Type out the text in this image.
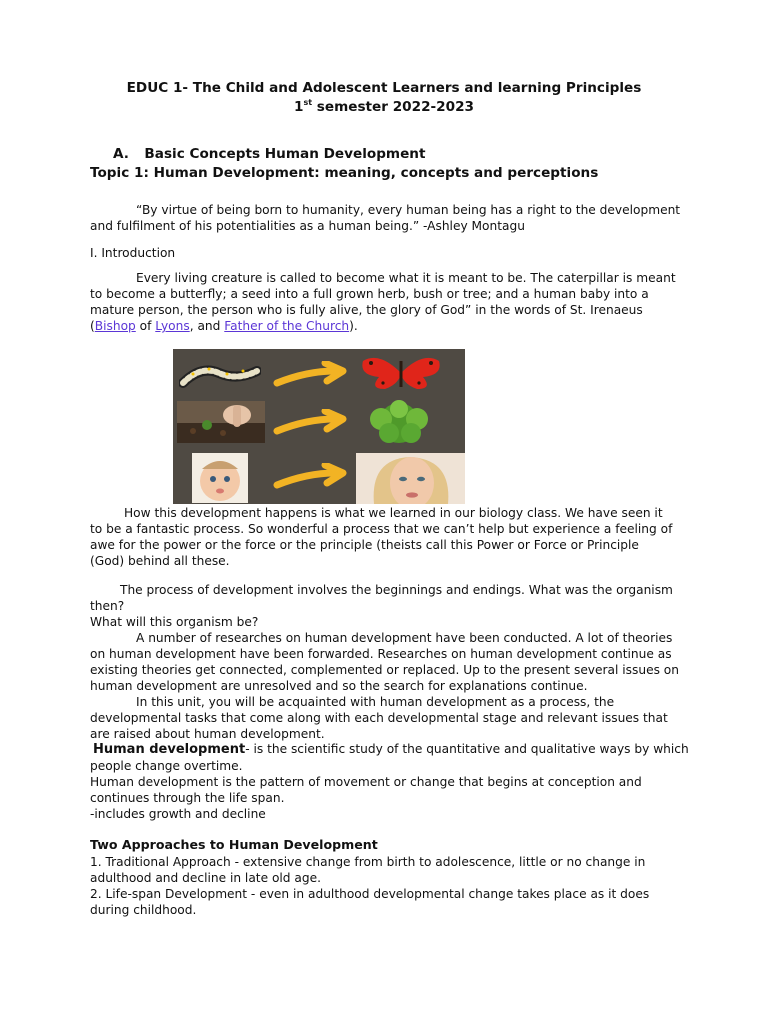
EDUC 1- The Child and Adolescent Learners and learning Principles
1st semester 2022-2023
A. Basic Concepts Human Development
Topic 1: Human Development: meaning, concepts and perceptions

“By virtue of being born to humanity, every human being has a right to the development

and fulfilment of his potentialities as a human being.” -Ashley Montagu

I. Introduction

Every living creature is called to become what it is meant to be. The caterpillar is meant

to become a butterfly; a seed into a full grown herb, bush or tree; and a human baby into a

mature person, the person who is fully alive, the glory of God” in the words of St. Irenaeus

(Bishop of Lyons, and Father of the Church).

How this development happens is what we learned in our biology class. We have seen it

to be a fantastic process. So wonderful a process that we can’t help but experience a feeling of

awe for the power or the force or the principle (theists call this Power or Force or Principle

(God) behind all these.

The process of development involves the beginnings and endings. What was the organism

then?

What will this organism be?

A number of researches on human development have been conducted. A lot of theories

on human development have been forwarded. Researches on human development continue as

existing theories get connected, complemented or replaced. Up to the present several issues on

human development are unresolved and so the search for explanations continue.

In this unit, you will be acquainted with human development as a process, the

developmental tasks that come along with each developmental stage and relevant issues that

are raised about human development.

Human development- is the scientific study of the quantitative and qualitative ways by which

people change overtime.

Human development is the pattern of movement or change that begins at conception and

continues through the life span.

-includes growth and decline

Two Approaches to Human Development

1. Traditional Approach - extensive change from birth to adolescence, little or no change in

adulthood and decline in late old age.

2. Life-span Development - even in adulthood developmental change takes place as it does

during childhood.
